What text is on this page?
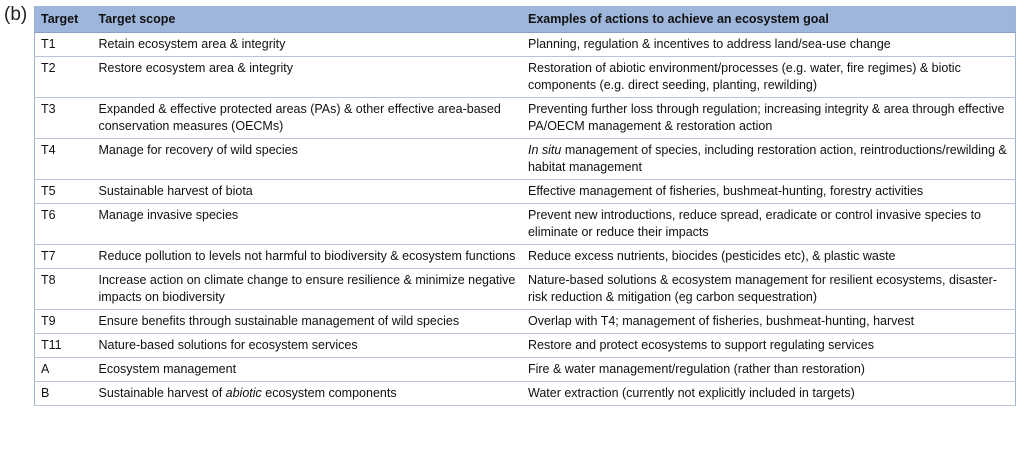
(b) Target	Target scope	Examples of actions to achieve an ecosystem goal
T1	Retain ecosystem area & integrity	Planning, regulation & incentives to address land/sea-use change
T2	Restore ecosystem area & integrity	Restoration of abiotic environment/processes (e.g. water, fire regimes) & biotic components (e.g. direct seeding, planting, rewilding)
T3	Expanded & effective protected areas (PAs) & other effective area-based conservation measures (OECMs)	Preventing further loss through regulation; increasing integrity & area through effective PA/OECM management & restoration action
T4	Manage for recovery of wild species	In situ management of species, including restoration action, reintroductions/rewilding & habitat management
T5	Sustainable harvest of biota	Effective management of fisheries, bushmeat-hunting, forestry activities
T6	Manage invasive species	Prevent new introductions, reduce spread, eradicate or control invasive species to eliminate or reduce their impacts
T7	Reduce pollution to levels not harmful to biodiversity & ecosystem functions	Reduce excess nutrients, biocides (pesticides etc), & plastic waste
T8	Increase action on climate change to ensure resilience & minimize negative impacts on biodiversity	Nature-based solutions & ecosystem management for resilient ecosystems, disaster-risk reduction & mitigation (eg carbon sequestration)
T9	Ensure benefits through sustainable management of wild species	Overlap with T4; management of fisheries, bushmeat-hunting, harvest
T11	Nature-based solutions for ecosystem services	Restore and protect ecosystems to support regulating services
A	Ecosystem management	Fire & water management/regulation (rather than restoration)
B	Sustainable harvest of abiotic ecosystem components	Water extraction (currently not explicitly included in targets)
